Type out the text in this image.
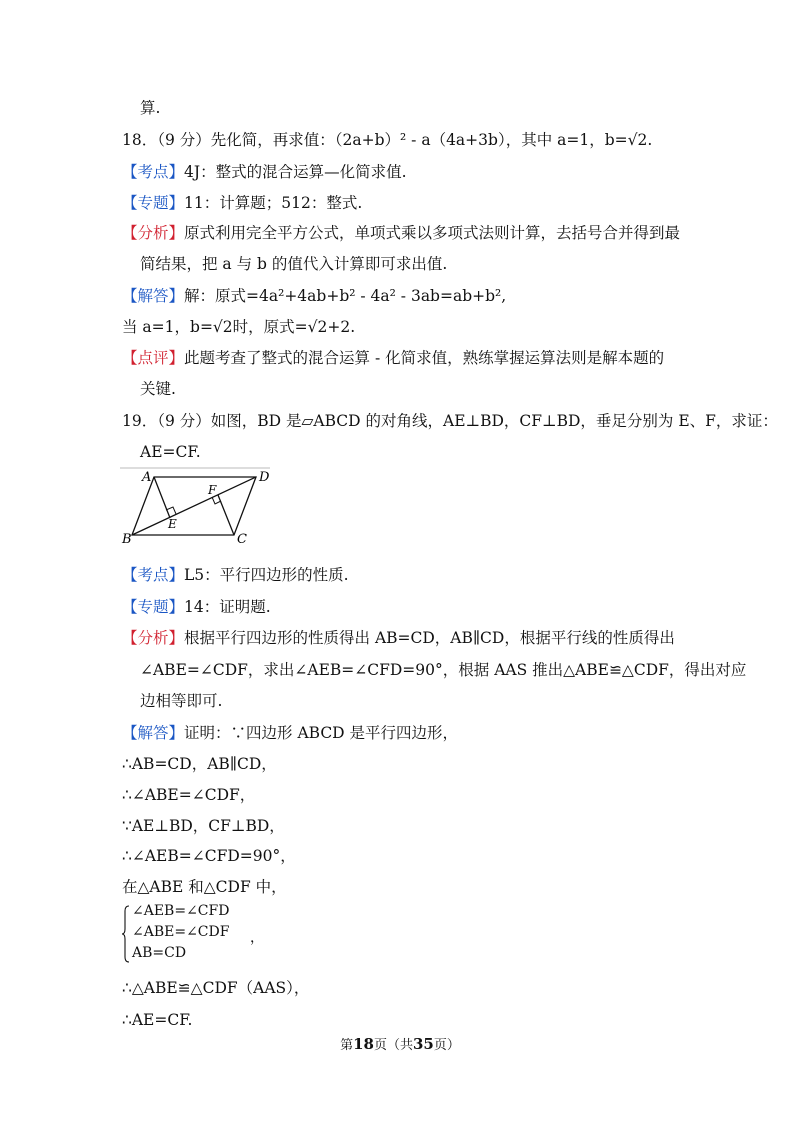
算.
18．（9 分）先化简，再求值：（2a+b）² - a（4a+3b），其中 a=1，b=√2.
【考点】4J：整式的混合运算—化简求值.
【专题】11：计算题；512：整式.
【分析】原式利用完全平方公式，单项式乘以多项式法则计算，去括号合并得到最
简结果，把 a 与 b 的值代入计算即可求出值.
【解答】解：原式=4a²+4ab+b² - 4a² - 3ab=ab+b²,
当 a=1，b=√2时，原式=√2+2.
【点评】此题考查了整式的混合运算 - 化简求值，熟练掌握运算法则是解本题的
关键.
19．（9 分）如图，BD 是▱ABCD 的对角线，AE⊥BD，CF⊥BD，垂足分别为 E、F，求证：
AE=CF.
A	D
B	C
E
F
【考点】L5：平行四边形的性质.
【专题】14：证明题.
【分析】根据平行四边形的性质得出 AB=CD，AB∥CD，根据平行线的性质得出
∠ABE=∠CDF，求出∠AEB=∠CFD=90°，根据 AAS 推出△ABE≌△CDF，得出对应
边相等即可.
【解答】证明：∵四边形 ABCD 是平行四边形，
∴AB=CD，AB∥CD，
∴∠ABE=∠CDF，
∵AE⊥BD，CF⊥BD，
∴∠AEB=∠CFD=90°，
在△ABE 和△CDF 中，
∠AEB=∠CFD
∠ABE=∠CDF
AB=CD
，
∴△ABE≌△CDF（AAS），
∴AE=CF.
第18页（共35页）
